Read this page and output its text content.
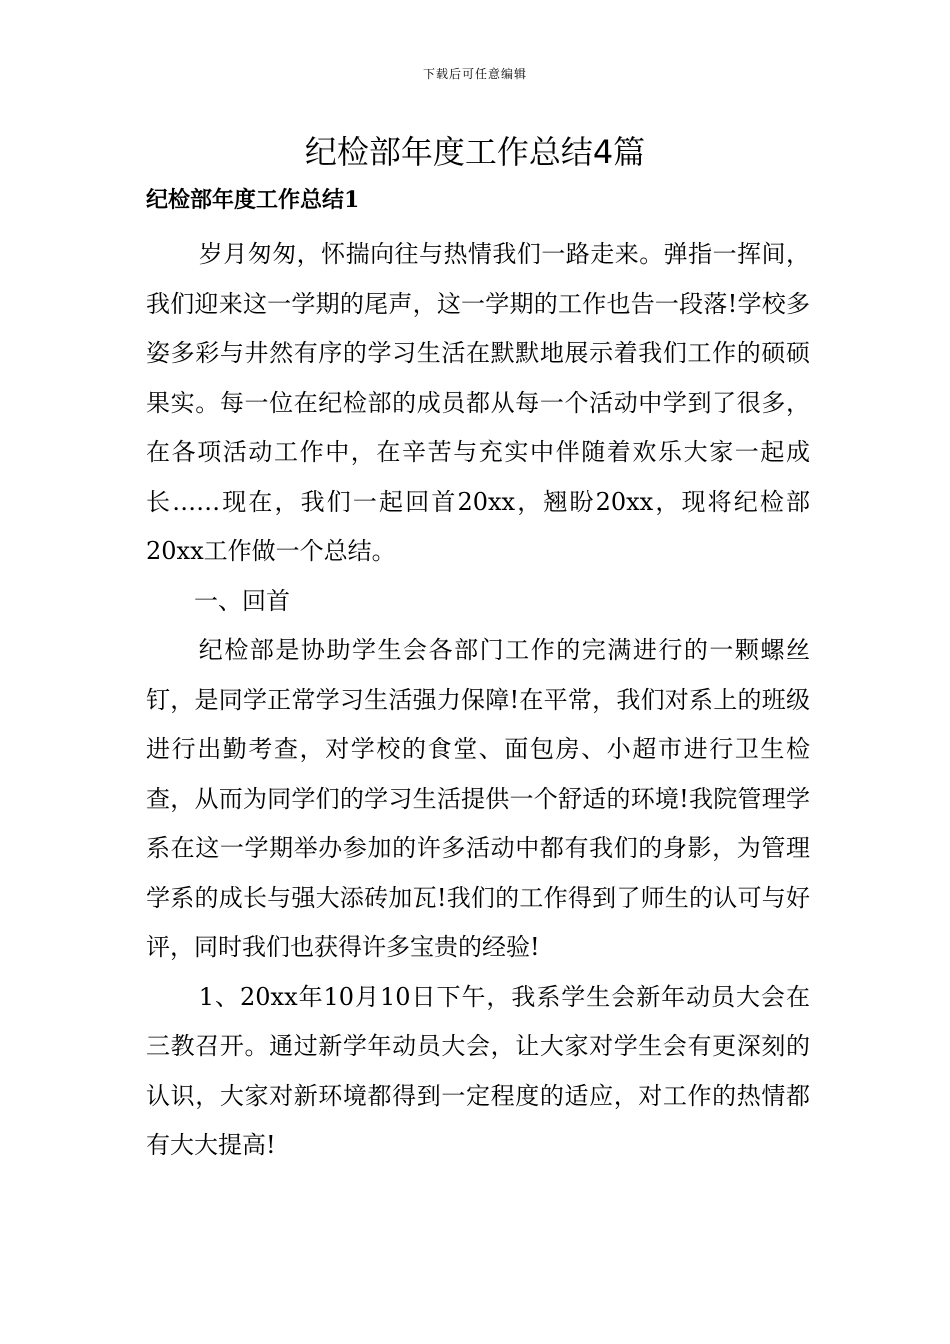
下载后可任意编辑
纪检部年度工作总结4篇
纪检部年度工作总结1

岁月匆匆，怀揣向往与热情我们一路走来。弹指一挥间，我们迎来这一学期的尾声，这一学期的工作也告一段落!学校多姿多彩与井然有序的学习生活在默默地展示着我们工作的硕硕果实。每一位在纪检部的成员都从每一个活动中学到了很多，在各项活动工作中，在辛苦与充实中伴随着欢乐大家一起成长……现在，我们一起回首20xx，翘盼20xx，现将纪检部20xx工作做一个总结。

一、回首

纪检部是协助学生会各部门工作的完满进行的一颗螺丝钉，是同学正常学习生活强力保障!在平常，我们对系上的班级进行出勤考查，对学校的食堂、面包房、小超市进行卫生检查，从而为同学们的学习生活提供一个舒适的环境!我院管理学系在这一学期举办参加的许多活动中都有我们的身影，为管理学系的成长与强大添砖加瓦!我们的工作得到了师生的认可与好评，同时我们也获得许多宝贵的经验!

1、20xx年10月10日下午，我系学生会新年动员大会在三教召开。通过新学年动员大会，让大家对学生会有更深刻的认识，大家对新环境都得到一定程度的适应，对工作的热情都有大大提高!
